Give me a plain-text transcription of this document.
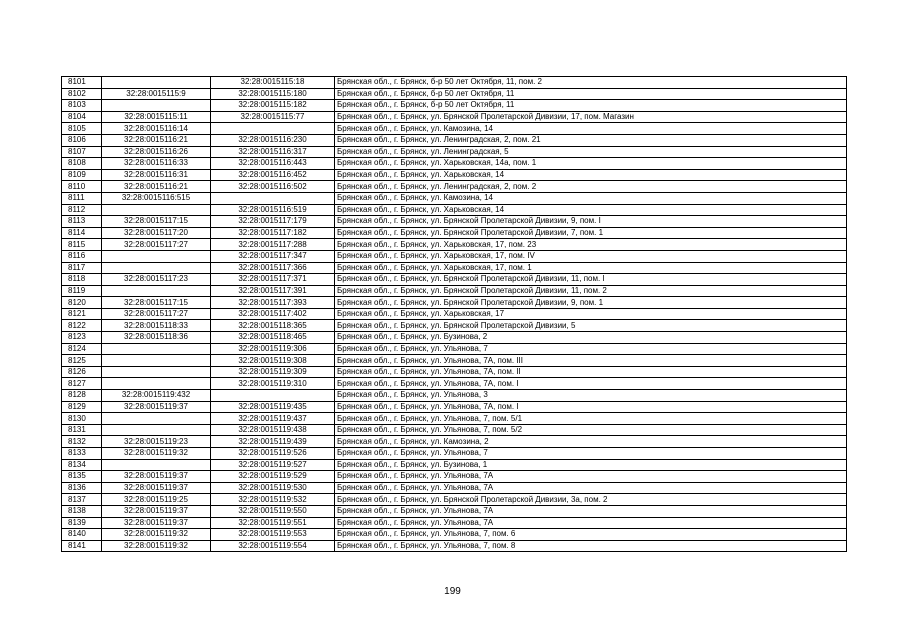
8101		32:28:0015115:18	Брянская обл., г. Брянск, б-р 50 лет Октября, 11, пом. 2
8102	32:28:0015115:9	32:28:0015115:180	Брянская обл., г. Брянск, б-р 50 лет Октября, 11
8103		32:28:0015115:182	Брянская обл., г. Брянск, б-р 50 лет Октября, 11
8104	32:28:0015115:11	32:28:0015115:77	Брянская обл., г. Брянск, ул. Брянской Пролетарской Дивизии, 17, пом. Магазин
8105	32:28:0015116:14		Брянская обл., г. Брянск, ул. Камозина, 14
8106	32:28:0015116:21	32:28:0015116:230	Брянская обл., г. Брянск, ул. Ленинградская, 2, пом. 21
8107	32:28:0015116:26	32:28:0015116:317	Брянская обл., г. Брянск, ул. Ленинградская, 5
8108	32:28:0015116:33	32:28:0015116:443	Брянская обл., г. Брянск, ул. Харьковская, 14а, пом. 1
8109	32:28:0015116:31	32:28:0015116:452	Брянская обл., г. Брянск, ул. Харьковская, 14
8110	32:28:0015116:21	32:28:0015116:502	Брянская обл., г. Брянск, ул. Ленинградская, 2, пом. 2
8111	32:28:0015116:515		Брянская обл., г. Брянск, ул. Камозина, 14
8112		32:28:0015116:519	Брянская обл., г. Брянск, ул. Харьковская, 14
8113	32:28:0015117:15	32:28:0015117:179	Брянская обл., г. Брянск, ул. Брянской Пролетарской Дивизии, 9, пом. I
8114	32:28:0015117:20	32:28:0015117:182	Брянская обл., г. Брянск, ул. Брянской Пролетарской Дивизии, 7, пом. 1
8115	32:28:0015117:27	32:28:0015117:288	Брянская обл., г. Брянск, ул. Харьковская, 17, пом. 23
8116		32:28:0015117:347	Брянская обл., г. Брянск, ул. Харьковская, 17, пом. IV
8117		32:28:0015117:366	Брянская обл., г. Брянск, ул. Харьковская, 17, пом. 1
8118	32:28:0015117:23	32:28:0015117:371	Брянская обл., г. Брянск, ул. Брянской Пролетарской Дивизии, 11, пом. I
8119		32:28:0015117:391	Брянская обл., г. Брянск, ул. Брянской Пролетарской Дивизии, 11, пом. 2
8120	32:28:0015117:15	32:28:0015117:393	Брянская обл., г. Брянск, ул. Брянской Пролетарской Дивизии, 9, пом. 1
8121	32:28:0015117:27	32:28:0015117:402	Брянская обл., г. Брянск, ул. Харьковская, 17
8122	32:28:0015118:33	32:28:0015118:365	Брянская обл., г. Брянск, ул. Брянской Пролетарской Дивизии, 5
8123	32:28:0015118:36	32:28:0015118:465	Брянская обл., г. Брянск, ул. Бузинова, 2
8124		32:28:0015119:306	Брянская обл., г. Брянск, ул. Ульянова, 7
8125		32:28:0015119:308	Брянская обл., г. Брянск, ул. Ульянова, 7А, пом. III
8126		32:28:0015119:309	Брянская обл., г. Брянск, ул. Ульянова, 7А, пом. II
8127		32:28:0015119:310	Брянская обл., г. Брянск, ул. Ульянова, 7А, пом. I
8128	32:28:0015119:432		Брянская обл., г. Брянск, ул. Ульянова, 3
8129	32:28:0015119:37	32:28:0015119:435	Брянская обл., г. Брянск, ул. Ульянова, 7А, пом. I
8130		32:28:0015119:437	Брянская обл., г. Брянск, ул. Ульянова, 7, пом. 5/1
8131		32:28:0015119:438	Брянская обл., г. Брянск, ул. Ульянова, 7, пом. 5/2
8132	32:28:0015119:23	32:28:0015119:439	Брянская обл., г. Брянск, ул. Камозина, 2
8133	32:28:0015119:32	32:28:0015119:526	Брянская обл., г. Брянск, ул. Ульянова, 7
8134		32:28:0015119:527	Брянская обл., г. Брянск, ул. Бузинова, 1
8135	32:28:0015119:37	32:28:0015119:529	Брянская обл., г. Брянск, ул. Ульянова, 7А
8136	32:28:0015119:37	32:28:0015119:530	Брянская обл., г. Брянск, ул. Ульянова, 7А
8137	32:28:0015119:25	32:28:0015119:532	Брянская обл., г. Брянск, ул. Брянской Пролетарской Дивизии, 3а, пом. 2
8138	32:28:0015119:37	32:28:0015119:550	Брянская обл., г. Брянск, ул. Ульянова, 7А
8139	32:28:0015119:37	32:28:0015119:551	Брянская обл., г. Брянск, ул. Ульянова, 7А
8140	32:28:0015119:32	32:28:0015119:553	Брянская обл., г. Брянск, ул. Ульянова, 7, пом. 6
8141	32:28:0015119:32	32:28:0015119:554	Брянская обл., г. Брянск, ул. Ульянова, 7, пом. 8
199
